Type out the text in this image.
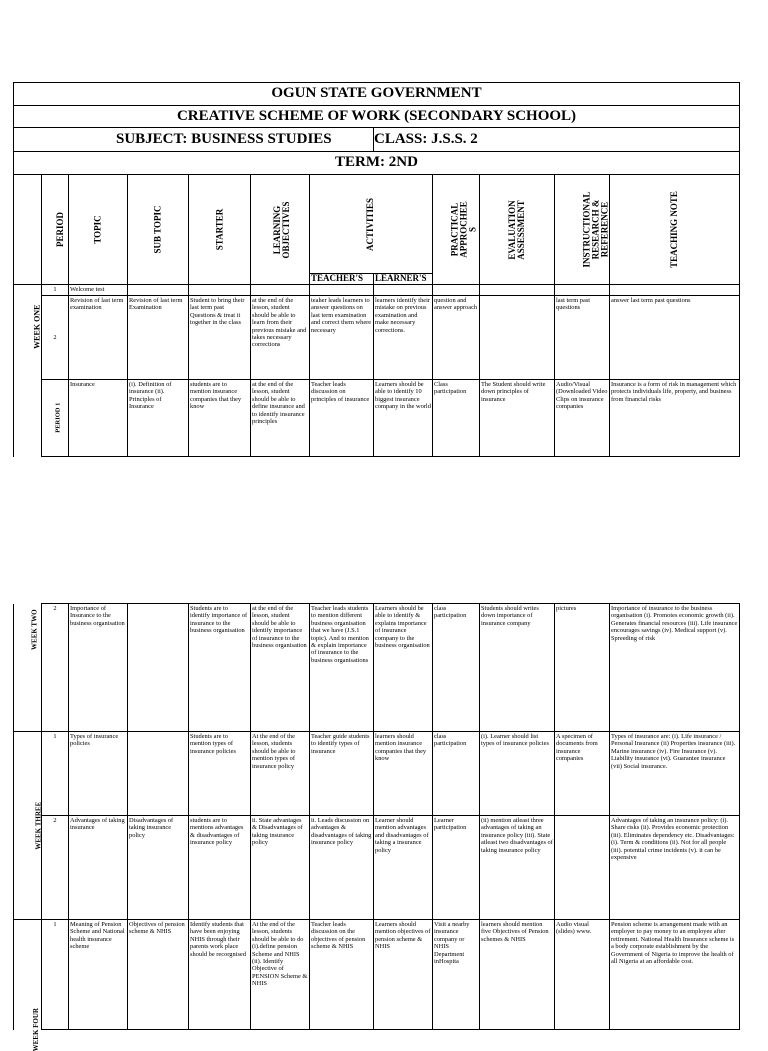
OGUN STATE GOVERNMENT											
CREATIVE SCHEME OF WORK (SECONDARY SCHOOL)											
SUBJECT: BUSINESS STUDIES							CLASS: J.S.S. 2				
TERM: 2ND											
	PERIOD	TOPIC	SUB TOPIC	STARTER	LEARNING OBJECTIVES	ACTIVITIES		PRACTICAL APPROCHEES	EVALUATION ASSESSMENT	INSTRUCTIONAL RESEARCH & REFERENCE	TEACHING NOTE
						TEACHER'S	LEARNER'S				
WEEK ONE	1	Welcome test									
	2	Revision of last term examination	Revision of last term Examination	Student to bring their last term past Questions & treat it together in the class	at the end of the lesson, student should be able to learn from their previous mistake and takes necessary corrections	teaher leads learners to answer questions on last term examination and correct them where necessary	learners identify their mistake on previous examination and make necessary corrections.	question and answer approach		last term past questions	answer last term past questions
	PERIOD 1	Insurance	(i). Definition of insurance (ii). Principles of Insurance	students are to mention insurance companies that they know	at the end of the lesson, student should be able to define insurance and to identify insurance principles	Teacher leads discussion on principles of insurance	Learners should be able to identify 10 biggest insurance company in the world	Class participation	The Student should write down principles of insurance	Audio/Visual (Downloaded Video Clips on insurance companies	Insurance is a form of risk in management which protects individuals life, property, and business from financial risks
WEEK TWO	2	Importance of Insurance to the business organisation		Students are to identify importance of insurance to the business organisation	at the end of the lesson, student should be able to identify importance of insurance to the business organisation	Teacher leads students to mention different business organisation that we have (J.S.1 topic). And to mention & explain importance of insurance to the business organisations	Learners should be able to identify & explains importance of insurance company to the business organisation	class participation	Students should writes down importance of insurance company	pictures	Importance of insurance to the business organisation (i). Promotes economic growth (ii). Generates financial resources (iii). Life insurance encourages savings (iv). Medical support (v). Spreeding of risk
WEEK THREE	1	Types of insurance policies		Students are to mention types of insurance policies	At the end of the lesson, students should be able to mention types of insurance policy	Teacher guide students to identify types of insurance	learners should mention insurance companies that they know	class participation	(i). Learner should list types of insurance policies	A specimen of documents from insurance companies	Types of insurance are: (i). Life insurance / Personal Insurance (ii) Properties insurance (iii). Marine insurance (iv). Fire Insurance (v). Liability insurance (vi). Guarantee insurance (vii) Social insurance.
	2	Advantages of taking insurance	Disadvantages of taking insurance policy	students are to mentions advantages & disadvantages of insurance policy	ii. State advantages & Disadvantages of taking insurance policy	ii. Leads discussion on advantages & disadvantages of taking insurance policy	Learner should mention advantages and disadvantages of taking a insurance policy	Learner participation	(ii) mention atleast three advantages of taking an insurance policy (iii). State atleast two disadvantages of taking insurance policy		Advantages of taking an insurance policy: (i). Share risks (ii). Provides economic protection (iii). Eliminates dependency etc. Disadvantages: (i). Term & conditions (ii). Not for all people (iii). potential crime incidents (v). it can be expensive
WEEK FOUR	1	Meaning of Pension Scheme and National health insurance scheme	Objectives of pension scheme & NHIS	Identify students that have been enjoying NHIS through their parents work place should be recorgnised	At the end of the lesson, students should be able to do (i).define pension Scheme and NHIS (ii). Identify Objective of PENSION Scheme & NHIS	Teacher leads discussion on the objectives of pension scheme & NHIS	Learners should mention objectives of pension scheme & NHIS	Visit a nearby insurance company or NHIS Department inHospita	learners should mention five Objectives of Pension schemes & NHIS	Audio visual (slides) www.	Pension scheme is arrangement made with an employer to pay money to an employee after retirement. National Health Insurance scheme is a body corporate establishment by the Government of Nigeria to improve the health of all Nigeria at an affordable cost.
